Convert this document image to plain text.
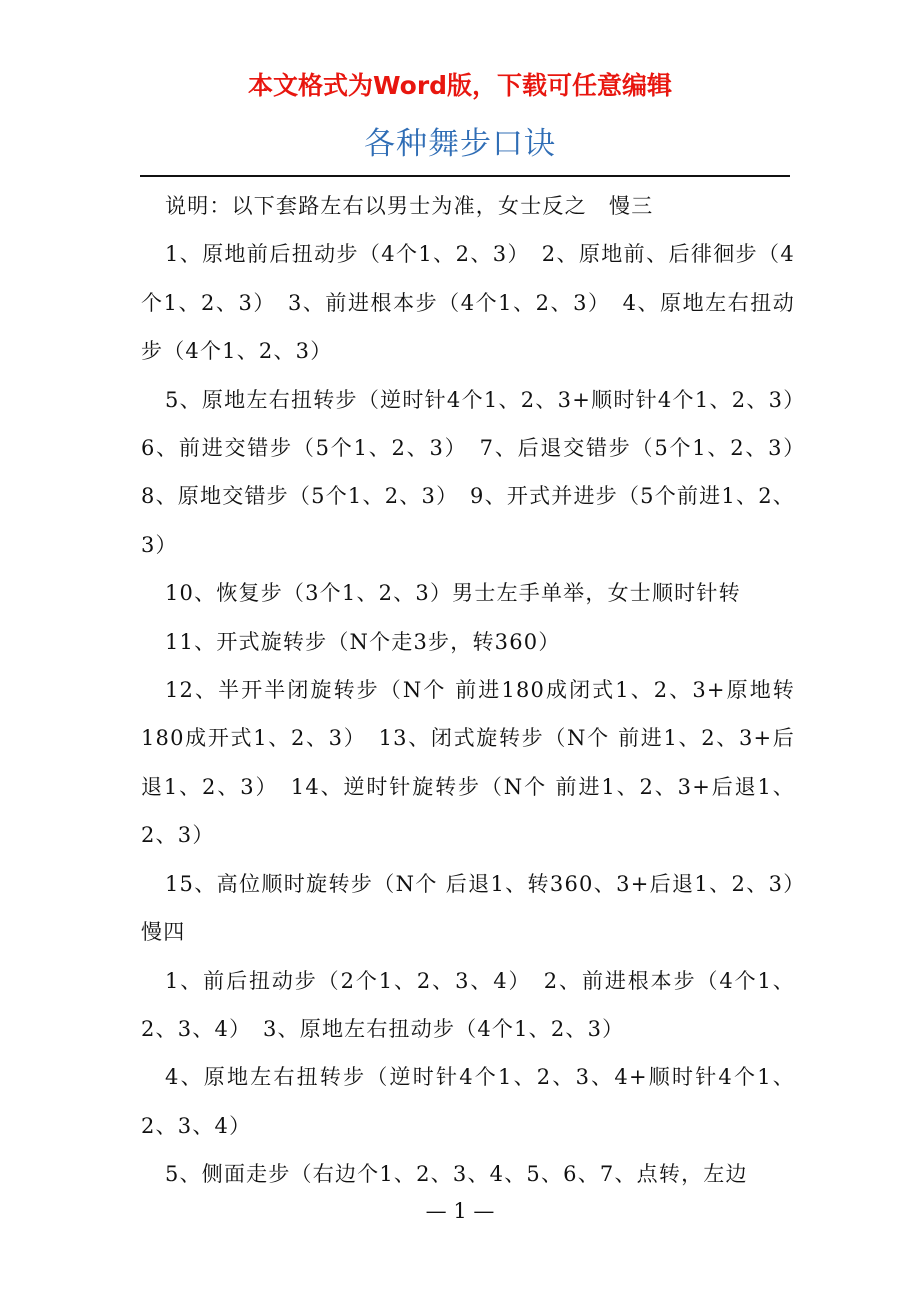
本文格式为Word版，下载可任意编辑
各种舞步口诀

说明：以下套路左右以男士为准，女士反之　慢三

1、原地前后扭动步（4个1、2、3）　2、原地前、后徘徊步（4个1、2、3）　3、前进根本步（4个1、2、3）　4、原地左右扭动步（4个1、2、3）

5、原地左右扭转步（逆时针4个1、2、3+顺时针4个1、2、3）　6、前进交错步（5个1、2、3）　7、后退交错步（5个1、2、3）　8、原地交错步（5个1、2、3）　9、开式并进步（5个前进1、2、3）

10、恢复步（3个1、2、3）男士左手单举，女士顺时针转

11、开式旋转步（N个走3步，转360）

12、半开半闭旋转步（N个 前进180成闭式1、2、3+原地转180成开式1、2、3）　13、闭式旋转步（N个 前进1、2、3+后退1、2、3）　14、逆时针旋转步（N个 前进1、2、3+后退1、2、3）

15、高位顺时旋转步（N个 后退1、转360、3+后退1、2、3）　 慢四

1、前后扭动步（2个1、2、3、4）　2、前进根本步（4个1、2、3、4）　3、原地左右扭动步（4个1、2、3）

4、原地左右扭转步（逆时针4个1、2、3、4+顺时针4个1、2、3、4）

5、侧面走步（右边个1、2、3、4、5、6、7、点转，左边

— 1 —
